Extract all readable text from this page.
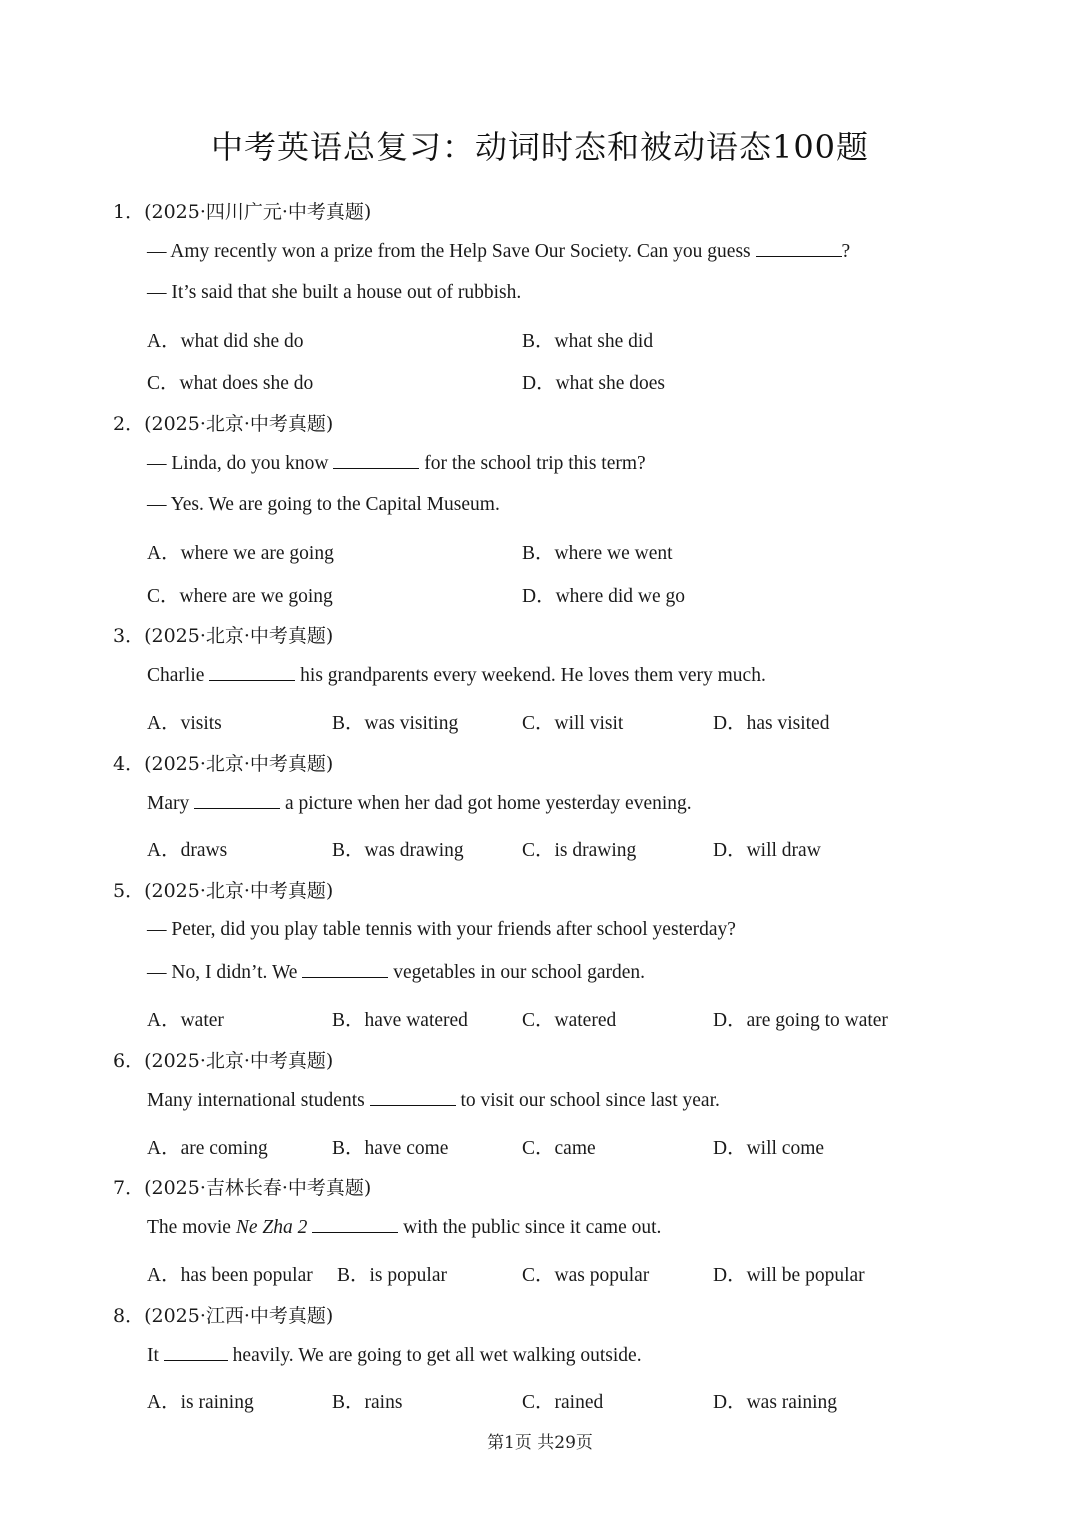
中考英语总复习：动词时态和被动语态100题
1．(2025·四川广元·中考真题)
— Amy recently won a prize from the Help Save Our Society. Can you guess	?
— It’s said that she built a house out of rubbish.
A．what did she do	B．what she did
C．what does she do	D．what she does
2．(2025·北京·中考真题)
— Linda, do you know	for the school trip this term?
— Yes. We are going to the Capital Museum.
A．where we are going	B．where we went
C．where are we going	D．where did we go
3．(2025·北京·中考真题)
Charlie	his grandparents every weekend. He loves them very much.
A．visits	B．was visiting	C．will visit	D．has visited
4．(2025·北京·中考真题)
Mary	a picture when her dad got home yesterday evening.
A．draws	B．was drawing	C．is drawing	D．will draw
5．(2025·北京·中考真题)
— Peter, did you play table tennis with your friends after school yesterday?
— No, I didn’t. We	vegetables in our school garden.
A．water	B．have watered	C．watered	D．are going to water
6．(2025·北京·中考真题)
Many international students	to visit our school since last year.
A．are coming	B．have come	C．came	D．will come
7．(2025·吉林长春·中考真题)
The movie Ne Zha 2	with the public since it came out.
A．has been popular B．is popular	C．was popular	D．will be popular
8．(2025·江西·中考真题)
It	heavily. We are going to get all wet walking outside.
A．is raining	B．rains	C．rained	D．was raining
第1页 共29页
